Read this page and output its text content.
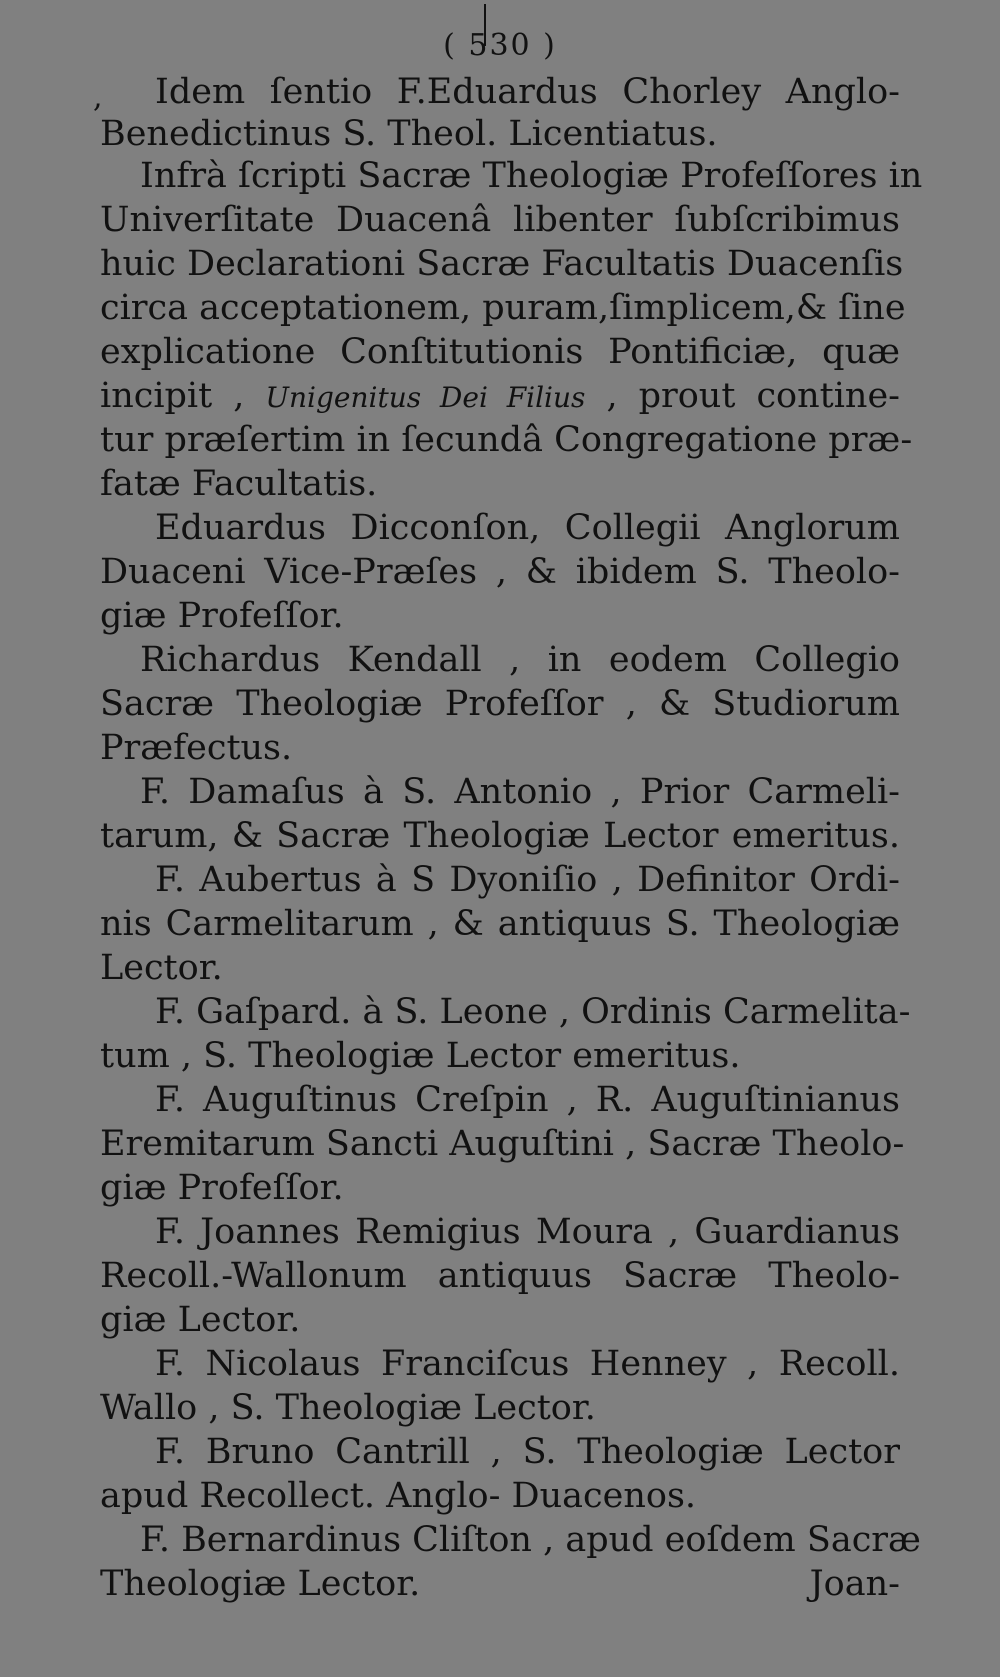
( 530 )
, Idem ſentio F.Eduardus Chorley Anglo-
Benedictinus S. Theol. Licentiatus.
Infrà ſcripti Sacræ Theologiæ Profeſſores in
Univerſitate Duacenâ libenter ſubſcribimus
huic Declarationi Sacræ Facultatis Duacenſis
circa acceptationem, puram,ſimplicem,& ſine
explicatione Conſtitutionis Pontificiæ, quæ
incipit , Unigenitus Dei Filius , prout contine-
tur præſertim in ſecundâ Congregatione præ-
fatæ Facultatis.
Eduardus Dicconſon, Collegii Anglorum
Duaceni Vice-Præſes , & ibidem S. Theolo-
giæ Profeſſor.
Richardus Kendall , in eodem Collegio
Sacræ Theologiæ Profeſſor , & Studiorum
Præfectus.
F. Damaſus à S. Antonio , Prior Carmeli-
tarum, & Sacræ Theologiæ Lector emeritus.
F. Aubertus à S Dyoniſio , Definitor Ordi-
nis Carmelitarum , & antiquus S. Theologiæ
Lector.
F. Gaſpard. à S. Leone , Ordinis Carmelita-
tum , S. Theologiæ Lector emeritus.
F. Auguſtinus Creſpin , R. Auguſtinianus
Eremitarum Sancti Auguſtini , Sacræ Theolo-
giæ Profeſſor.
F. Joannes Remigius Moura , Guardianus
Recoll.-Wallonum antiquus Sacræ Theolo-
giæ Lector.
F. Nicolaus Franciſcus Henney , Recoll.
Wallo , S. Theologiæ Lector.
F. Bruno Cantrill , S. Theologiæ Lector
apud Recollect. Anglo- Duacenos.
F. Bernardinus Cliſton , apud eoſdem Sacræ
Theologiæ Lector.	Joan-
